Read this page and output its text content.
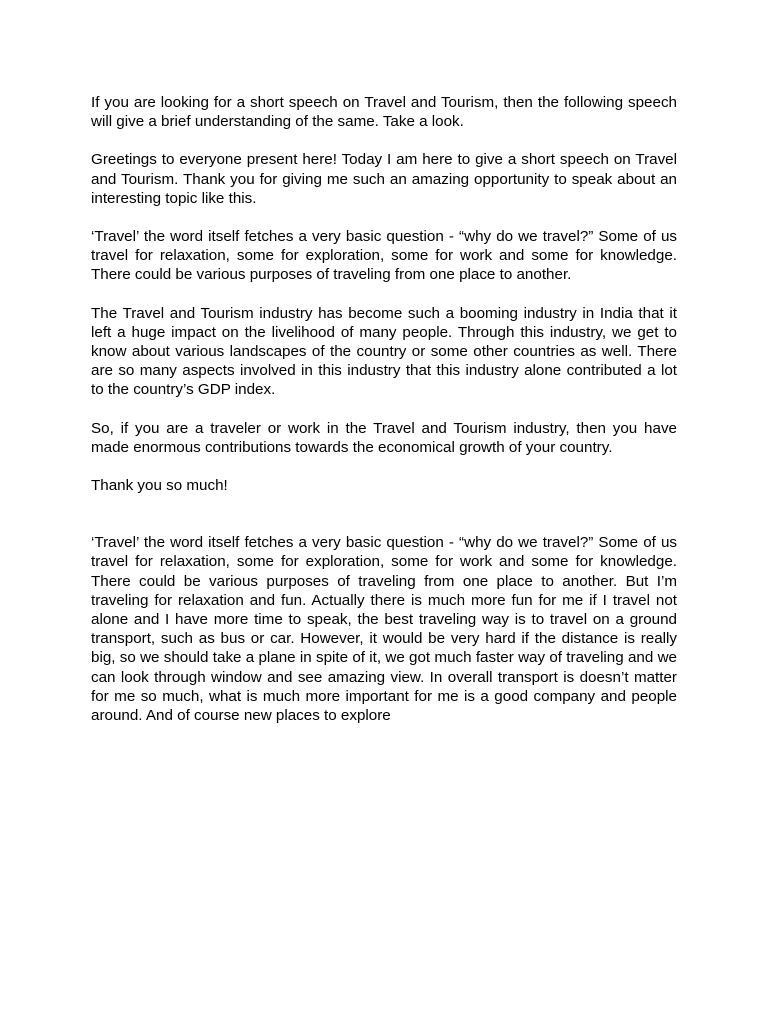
If you are looking for a short speech on Travel and Tourism, then the following speech will give a brief understanding of the same. Take a look.

Greetings to everyone present here! Today I am here to give a short speech on Travel and Tourism. Thank you for giving me such an amazing opportunity to speak about an interesting topic like this.

‘Travel’ the word itself fetches a very basic question - “why do we travel?” Some of us travel for relaxation, some for exploration, some for work and some for knowledge. There could be various purposes of traveling from one place to another.

The Travel and Tourism industry has become such a booming industry in India that it left a huge impact on the livelihood of many people. Through this industry, we get to know about various landscapes of the country or some other countries as well. There are so many aspects involved in this industry that this industry alone contributed a lot to the country’s GDP index.

So, if you are a traveler or work in the Travel and Tourism industry, then you have made enormous contributions towards the economical growth of your country.

Thank you so much!

‘Travel’ the word itself fetches a very basic question - “why do we travel?” Some of us travel for relaxation, some for exploration, some for work and some for knowledge. There could be various purposes of traveling from one place to another. But I’m traveling for relaxation and fun. Actually there is much more fun for me if I travel not alone and I have more time to speak, the best traveling way is to travel on a ground transport, such as bus or car. However, it would be very hard if the distance is really big, so we should take a plane in spite of it, we got much faster way of traveling and we can look through window and see amazing view. In overall transport is doesn’t matter for me so much, what is much more important for me is a good company and people around. And of course new places to explore
